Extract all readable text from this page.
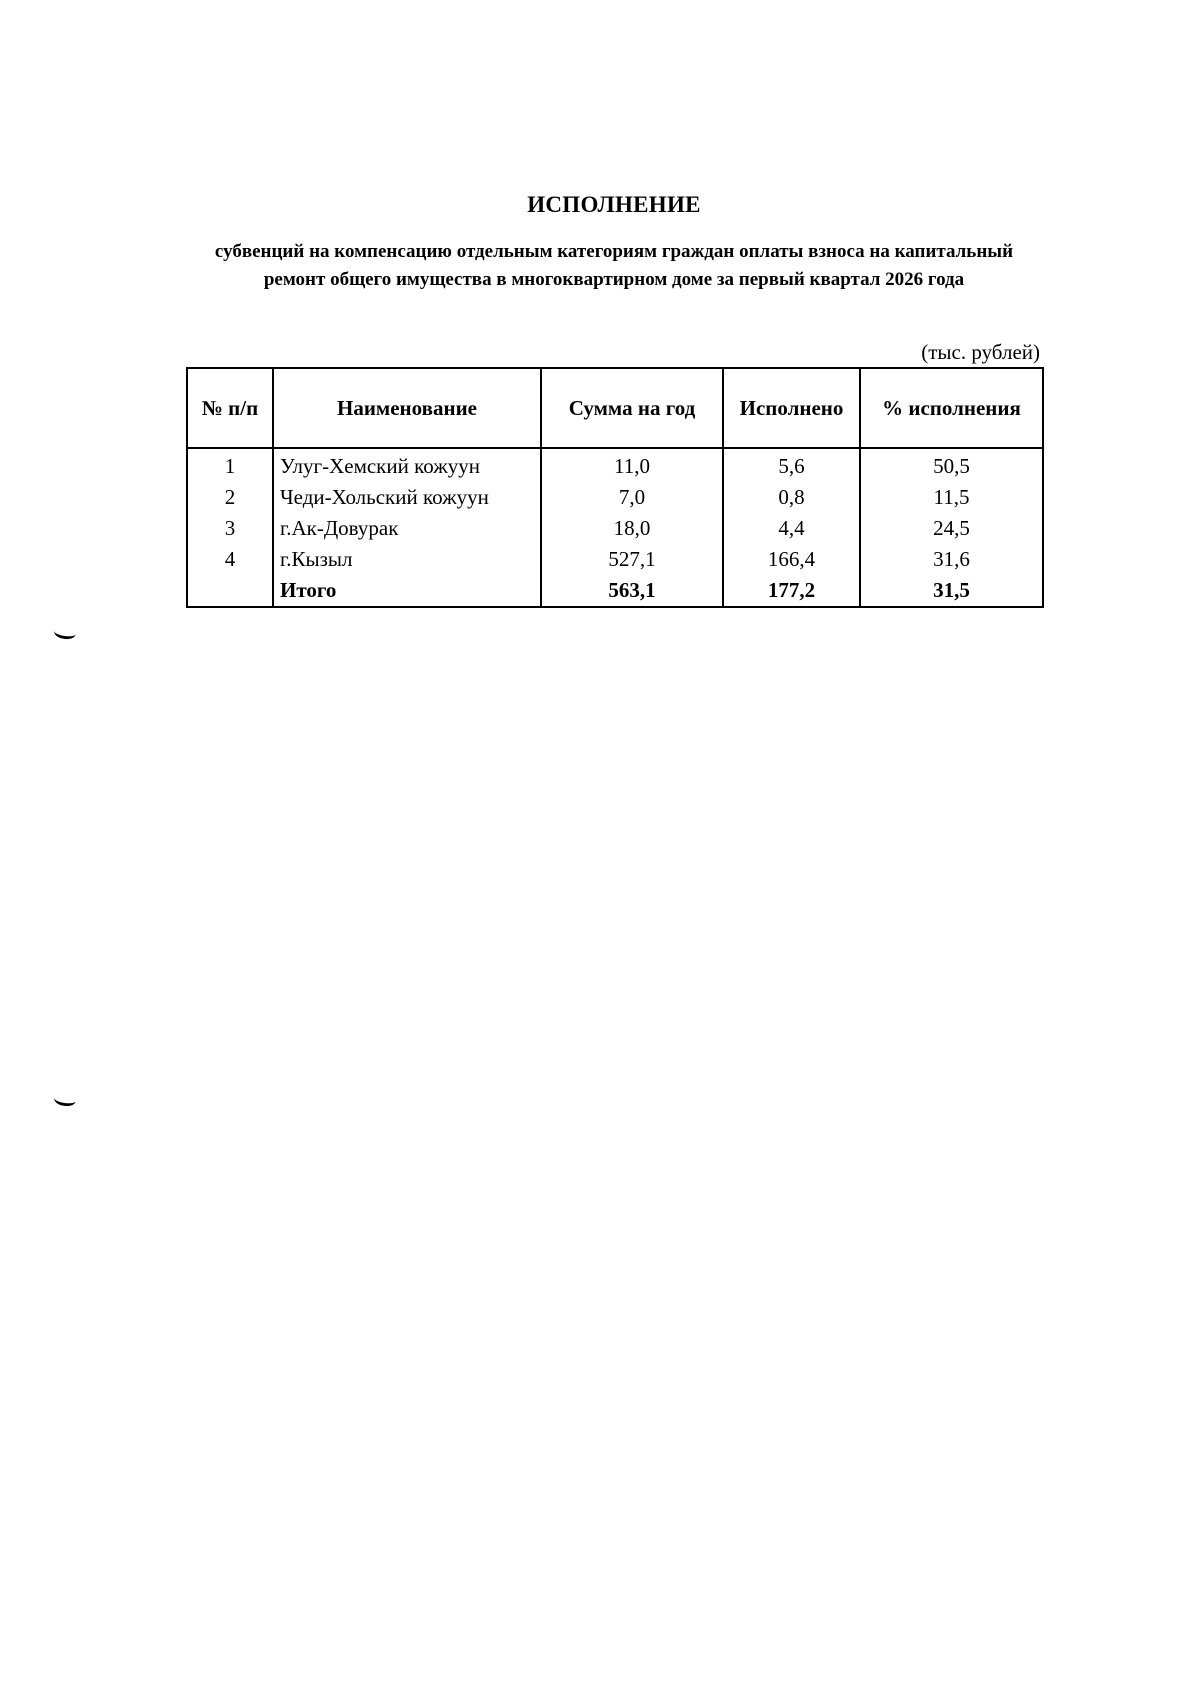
ИСПОЛНЕНИЕ
субвенций на компенсацию отдельным категориям граждан оплаты взноса на капитальный ремонт общего имущества в многоквартирном доме за первый квартал 2026 года
(тыс. рублей)
№ п/п	Наименование	Сумма на год	Исполнено	% исполнения
1	Улуг-Хемский кожуун	11,0	5,6	50,5
2	Чеди-Хольский кожуун	7,0	0,8	11,5
3	г.Ак-Довурак	18,0	4,4	24,5
4	г.Кызыл	527,1	166,4	31,6
	Итого	563,1	177,2	31,5
